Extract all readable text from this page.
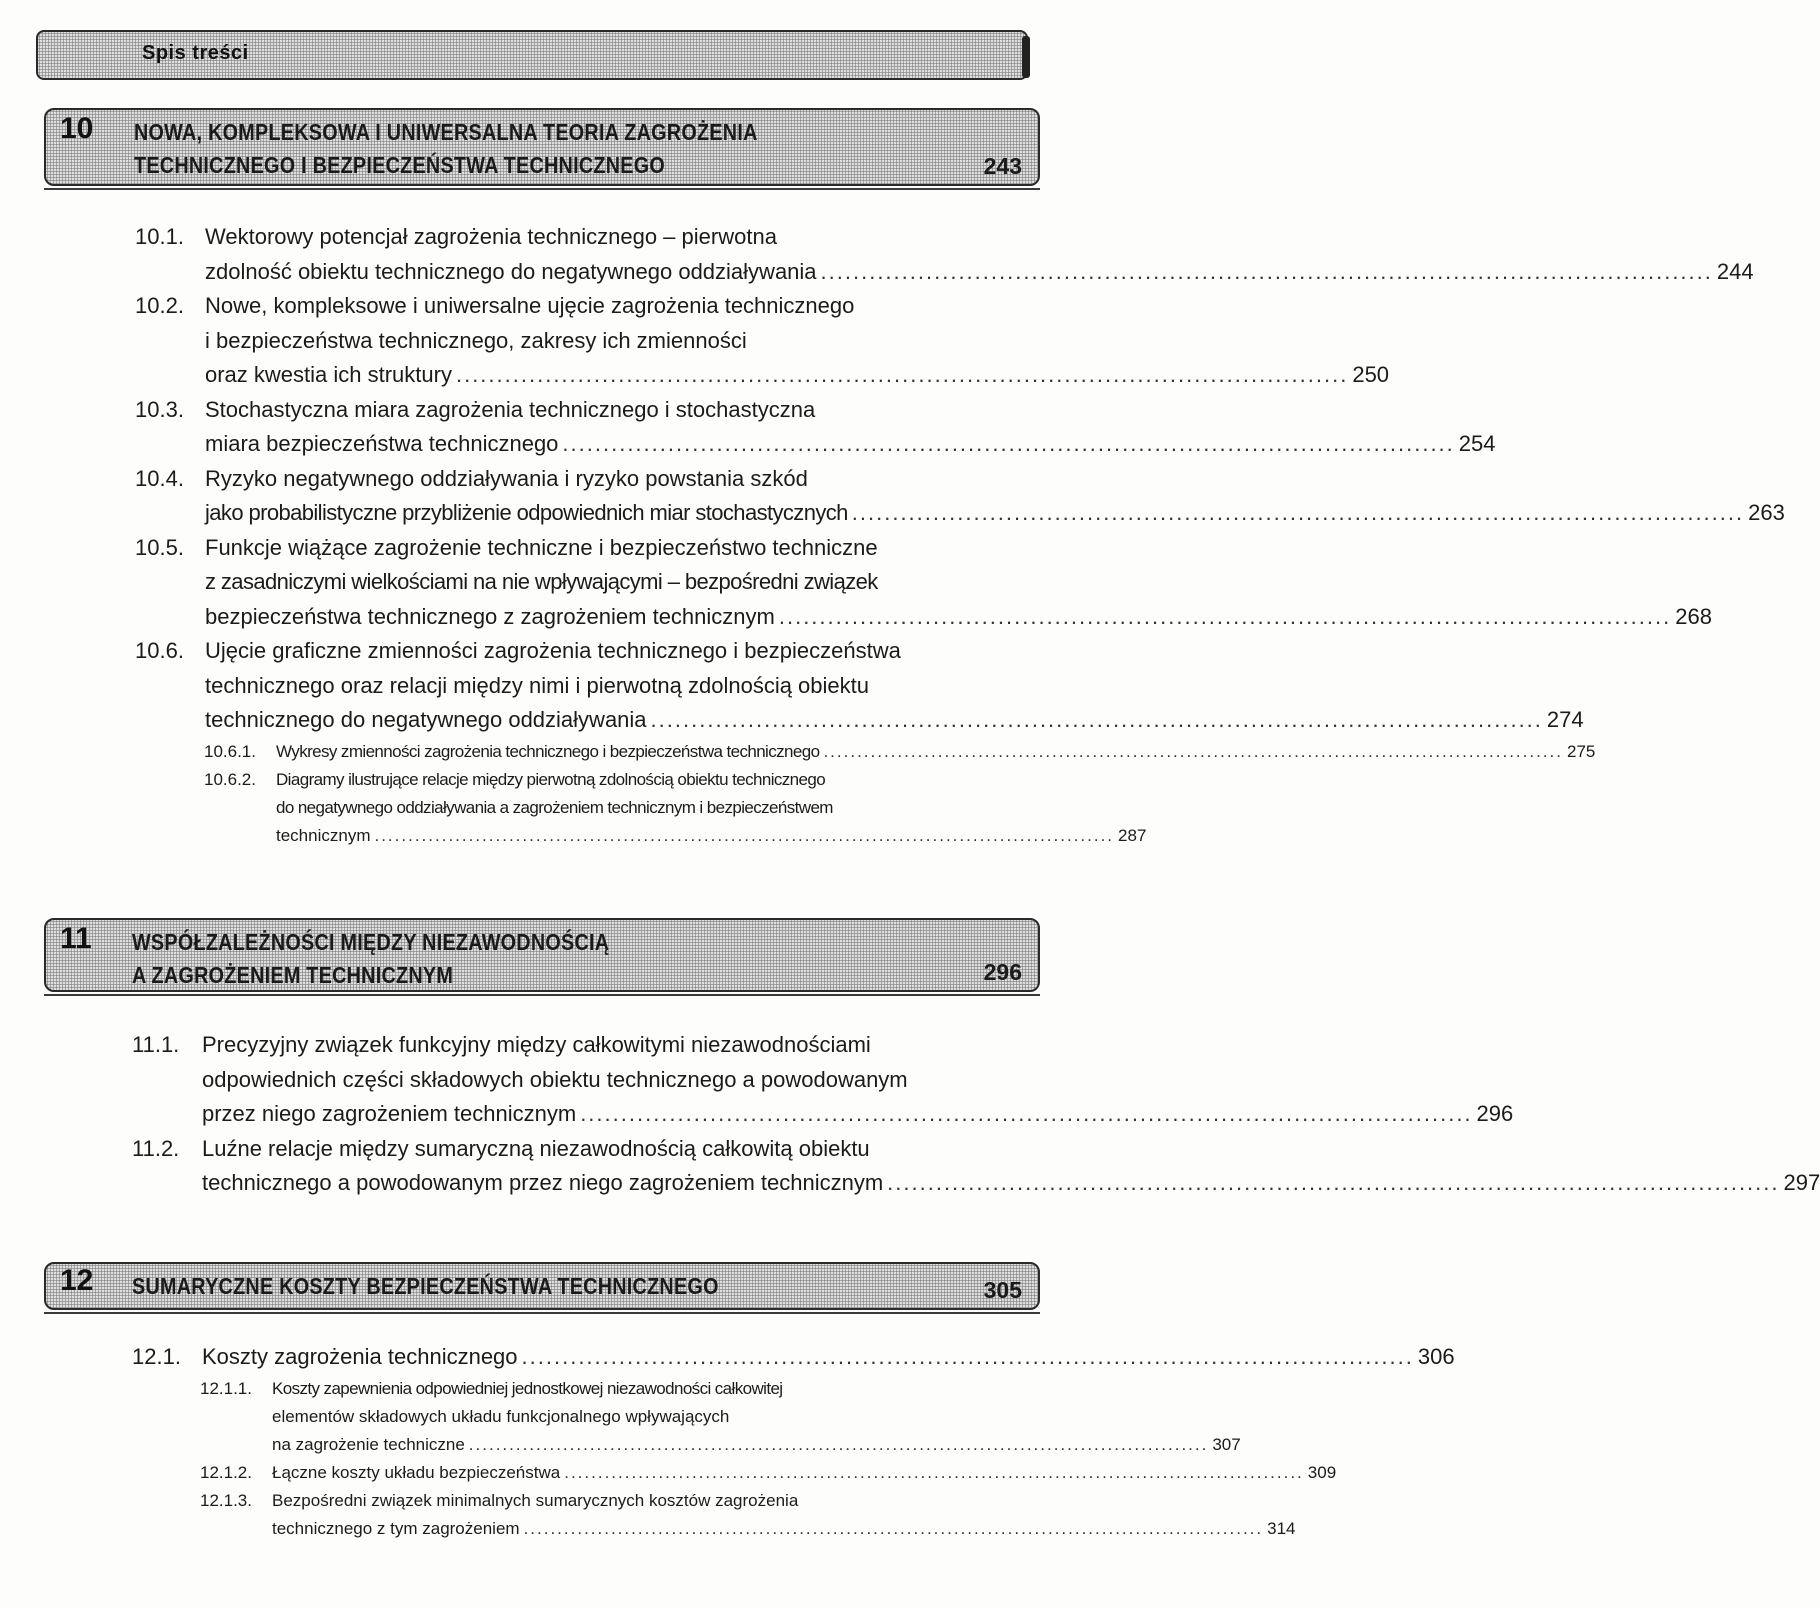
Spis treści
10 NOWA, KOMPLEKSOWA I UNIWERSALNA TEORIA ZAGROŻENIA
TECHNICZNEGO I BEZPIECZEŃSTWA TECHNICZNEGO	243
10.1. Wektorowy potencjał zagrożenia technicznego – pierwotna
zdolność obiektu technicznego do negatywnego oddziaływania .............................................................................................................. 244
10.2. Nowe, kompleksowe i uniwersalne ujęcie zagrożenia technicznego
i bezpieczeństwa technicznego, zakresy ich zmienności
oraz kwestia ich struktury .............................................................................................................. 250
10.3. Stochastyczna miara zagrożenia technicznego i stochastyczna
miara bezpieczeństwa technicznego .............................................................................................................. 254
10.4. Ryzyko negatywnego oddziaływania i ryzyko powstania szkód
jako probabilistyczne przybliżenie odpowiednich miar stochastycznych .............................................................................................................. 263
10.5. Funkcje wiążące zagrożenie techniczne i bezpieczeństwo techniczne
z zasadniczymi wielkościami na nie wpływającymi – bezpośredni związek
bezpieczeństwa technicznego z zagrożeniem technicznym .............................................................................................................. 268
10.6. Ujęcie graficzne zmienności zagrożenia technicznego i bezpieczeństwa
technicznego oraz relacji między nimi i pierwotną zdolnością obiektu
technicznego do negatywnego oddziaływania .............................................................................................................. 274
10.6.1.	Wykresy zmienności zagrożenia technicznego i bezpieczeństwa technicznego .............................................................................................................. 275
10.6.2.	Diagramy ilustrujące relacje między pierwotną zdolnością obiektu technicznego
do negatywnego oddziaływania a zagrożeniem technicznym i bezpieczeństwem
technicznym .............................................................................................................. 287
11 WSPÓŁZALEŻNOŚCI MIĘDZY NIEZAWODNOŚCIĄ
A ZAGROŻENIEM TECHNICZNYM	296
11.1.	Precyzyjny związek funkcyjny między całkowitymi niezawodnościami
odpowiednich części składowych obiektu technicznego a powodowanym
przez niego zagrożeniem technicznym .............................................................................................................. 296
11.2.	Luźne relacje między sumaryczną niezawodnością całkowitą obiektu
technicznego a powodowanym przez niego zagrożeniem technicznym .............................................................................................................. 297
12 SUMARYCZNE KOSZTY BEZPIECZEŃSTWA TECHNICZNEGO	305
12.1. Koszty zagrożenia technicznego .............................................................................................................. 306
12.1.1.	Koszty zapewnienia odpowiedniej jednostkowej niezawodności całkowitej
elementów składowych układu funkcjonalnego wpływających
na zagrożenie techniczne .............................................................................................................. 307
12.1.2.	Łączne koszty układu bezpieczeństwa .............................................................................................................. 309
12.1.3.	Bezpośredni związek minimalnych sumarycznych kosztów zagrożenia
technicznego z tym zagrożeniem .............................................................................................................. 314
